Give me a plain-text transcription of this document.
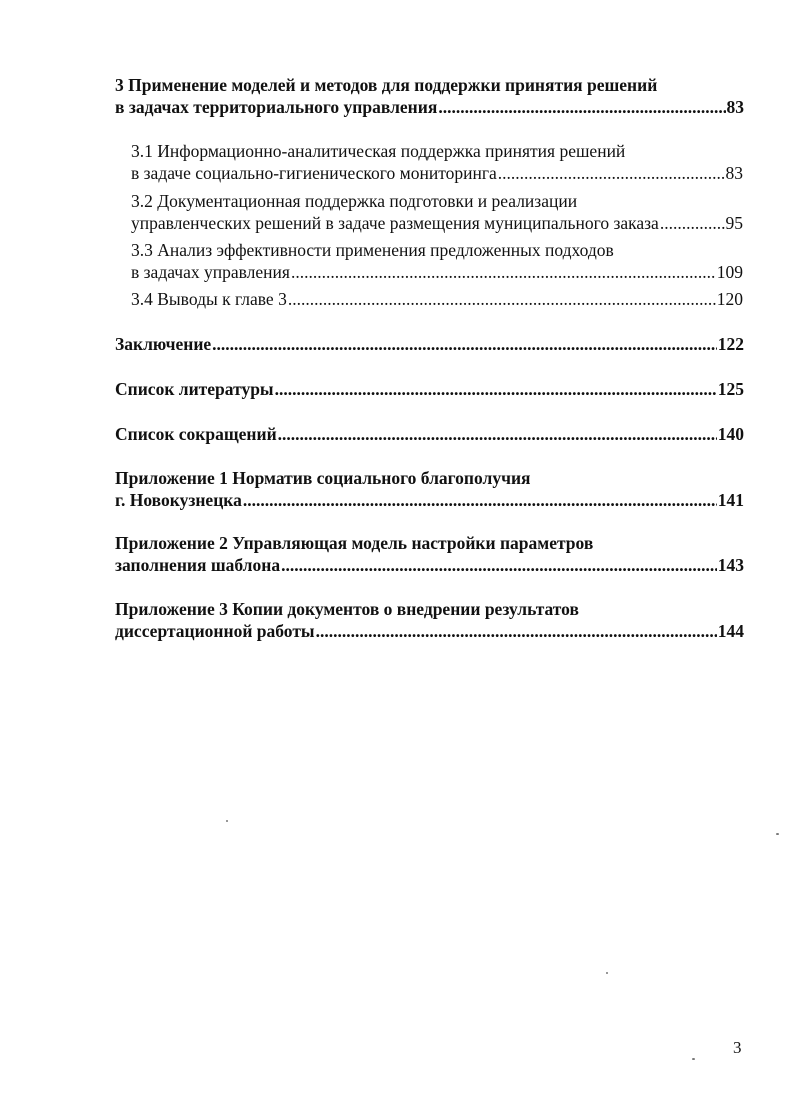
3 Применение моделей и методов для поддержки принятия решений
в задачах территориального управления .....	83
3.1 Информационно-аналитическая поддержка принятия решений
в задаче социально-гигиенического мониторинга .....	83
3.2 Документационная поддержка подготовки и реализации
управленческих решений в задаче размещения муниципального заказа .....	95
3.3 Анализ эффективности применения предложенных подходов
в задачах управления .....	109
3.4 Выводы к главе 3 .....	120
Заключение .....	122
Список литературы .....	125
Список сокращений .....	140
Приложение 1 Норматив социального благополучия
г. Новокузнецка .....	141
Приложение 2 Управляющая модель настройки параметров
заполнения шаблона .....	143
Приложение 3 Копии документов о внедрении результатов
диссертационной работы .....	144
3
